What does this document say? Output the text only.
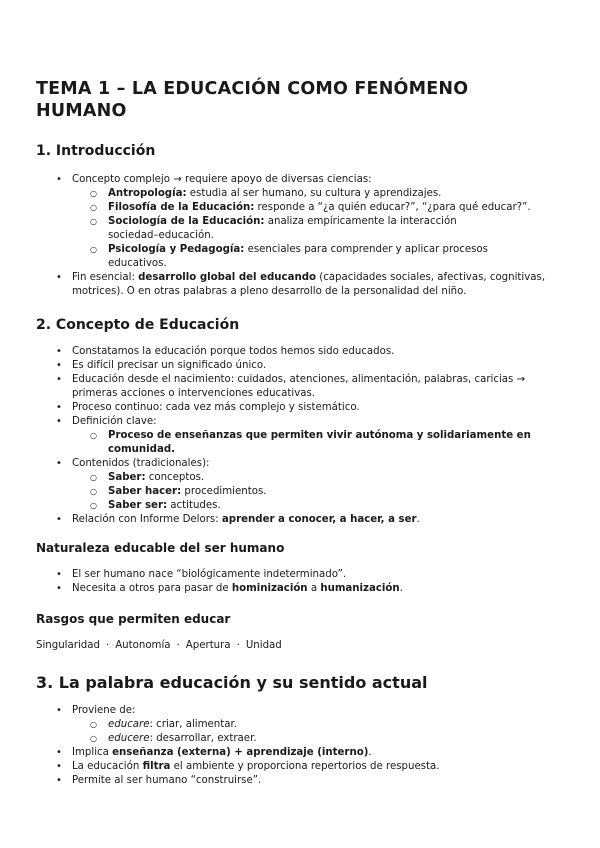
TEMA 1 – LA EDUCACIÓN COMO FENÓMENO HUMANO
1. Introducción
• Concepto complejo → requiere apoyo de diversas ciencias:
○ Antropología: estudia al ser humano, su cultura y aprendizajes.
○ Filosofía de la Educación: responde a “¿a quién educar?”, “¿para qué educar?”.
○ Sociología de la Educación: analiza empíricamente la interacción
sociedad–educación.
○ Psicología y Pedagogía: esenciales para comprender y aplicar procesos
educativos.
• Fin esencial: desarrollo global del educando (capacidades sociales, afectivas, cognitivas,
motrices). O en otras palabras a pleno desarrollo de la personalidad del niño.
2. Concepto de Educación
• Constatamos la educación porque todos hemos sido educados.
• Es difícil precisar un significado único.
• Educación desde el nacimiento: cuidados, atenciones, alimentación, palabras, caricias →
primeras acciones o intervenciones educativas.
• Proceso continuo: cada vez más complejo y sistemático.
• Definición clave:
○ Proceso de enseñanzas que permiten vivir autónoma y solidariamente en
comunidad.
• Contenidos (tradicionales):
○ Saber: conceptos.
○ Saber hacer: procedimientos.
○ Saber ser: actitudes.
• Relación con Informe Delors: aprender a conocer, a hacer, a ser.
Naturaleza educable del ser humano
• El ser humano nace “biológicamente indeterminado”.
• Necesita a otros para pasar de hominización a humanización.
Rasgos que permiten educar
Singularidad · Autonomía · Apertura · Unidad
3. La palabra educación y su sentido actual
• Proviene de:
○ educare: criar, alimentar.
○ educere: desarrollar, extraer.
• Implica enseñanza (externa) + aprendizaje (interno).
• La educación filtra el ambiente y proporciona repertorios de respuesta.
• Permite al ser humano “construirse”.
